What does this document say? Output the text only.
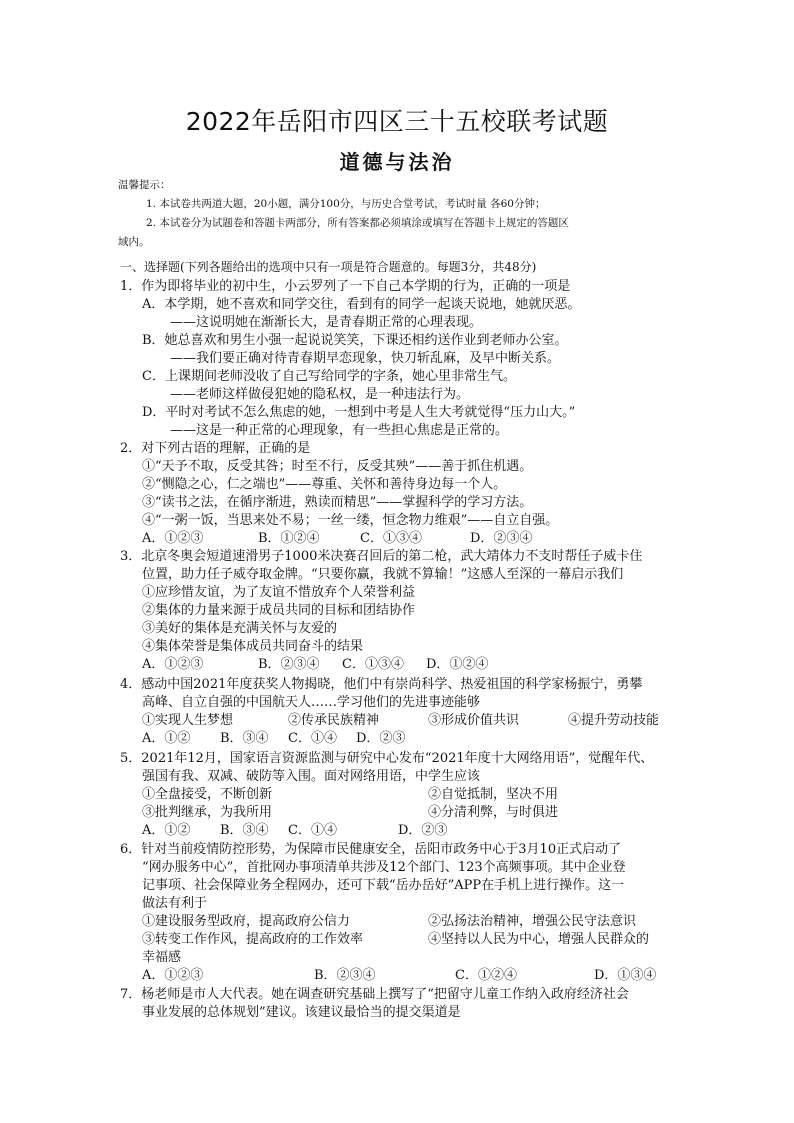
2022年岳阳市四区三十五校联考试题
道德与法治
温馨提示：
1. 本试卷共两道大题，20小题，满分100分，与历史合堂考试，考试时量 各60分钟；
2. 本试卷分为试题卷和答题卡两部分，所有答案都必须填涂或填写在答题卡上规定的答题区
域内。
一、选择题(下列各题给出的选项中只有一项是符合题意的。每题3分，共48分)
1．作为即将毕业的初中生，小云罗列了一下自己本学期的行为，正确的一项是
A．本学期，她不喜欢和同学交往，看到有的同学一起谈天说地，她就厌恶。
——这说明她在渐渐长大，是青春期正常的心理表现。
B．她总喜欢和男生小强一起说说笑笑，下课还相约送作业到老师办公室。
——我们要正确对待青春期早恋现象，快刀斩乱麻，及早中断关系。
C．上课期间老师没收了自己写给同学的字条，她心里非常生气。
——老师这样做侵犯她的隐私权，是一种违法行为。
D．平时对考试不怎么焦虑的她，一想到中考是人生大考就觉得“压力山大。”
——这是一种正常的心理现象，有一些担心焦虑是正常的。
2．对下列古语的理解，正确的是
①“天予不取，反受其咎；时至不行，反受其殃”——善于抓住机遇。
②“恻隐之心，仁之端也”——尊重、关怀和善待身边每一个人。
③“读书之法，在循序渐进，熟读而精思”——掌握科学的学习方法。
④“一粥一饭，当思来处不易；一丝一缕，恒念物力维艰”——自立自强。
A．①②③	B．①②④	C．①③④	D．②③④
3．北京冬奥会短道速滑男子1000米决赛召回后的第二枪，武大靖体力不支时帮任子威卡住
位置，助力任子威夺取金牌。“只要你赢，我就不算输！”这感人至深的一幕启示我们
①应珍惜友谊，为了友谊不惜放弃个人荣誉利益
②集体的力量来源于成员共同的目标和团结协作
③美好的集体是充满关怀与友爱的
④集体荣誉是集体成员共同奋斗的结果
A．①②③	B．②③④ C．①③④ D．①②④
4．感动中国2021年度获奖人物揭晓，他们中有崇尚科学、热爱祖国的科学家杨振宁，勇攀
高峰、自立自强的中国航天人……学习他们的先进事迹能够
①实现人生梦想	②传承民族精神	③形成价值共识	④提升劳动技能
A．①② B．③④ C．①④ D．②③
5．2021年12月，国家语言资源监测与研究中心发布“2021年度十大网络用语”，觉醒年代、
强国有我、双减、破防等入围。面对网络用语，中学生应该
①全盘接受，不断创新	②自觉抵制，坚决不用
③批判继承，为我所用	④分清利弊，与时俱进
A．①② B．③④ C．①④	D．②③
6．针对当前疫情防控形势，为保障市民健康安全，岳阳市政务中心于3月10正式启动了
“网办服务中心”，首批网办事项清单共涉及12个部门、123个高频事项。其中企业登
记事项、社会保障业务全程网办，还可下载“岳办岳好”APP在手机上进行操作。这一
做法有利于
①建设服务型政府，提高政府公信力	②弘扬法治精神，增强公民守法意识
③转变工作作风，提高政府的工作效率	④坚持以人民为中心，增强人民群众的
幸福感
A．①②③	B．②③④	C．①②④	D．①③④
7．杨老师是市人大代表。她在调查研究基础上撰写了“把留守儿童工作纳入政府经济社会
事业发展的总体规划”建议。该建议最恰当的提交渠道是
